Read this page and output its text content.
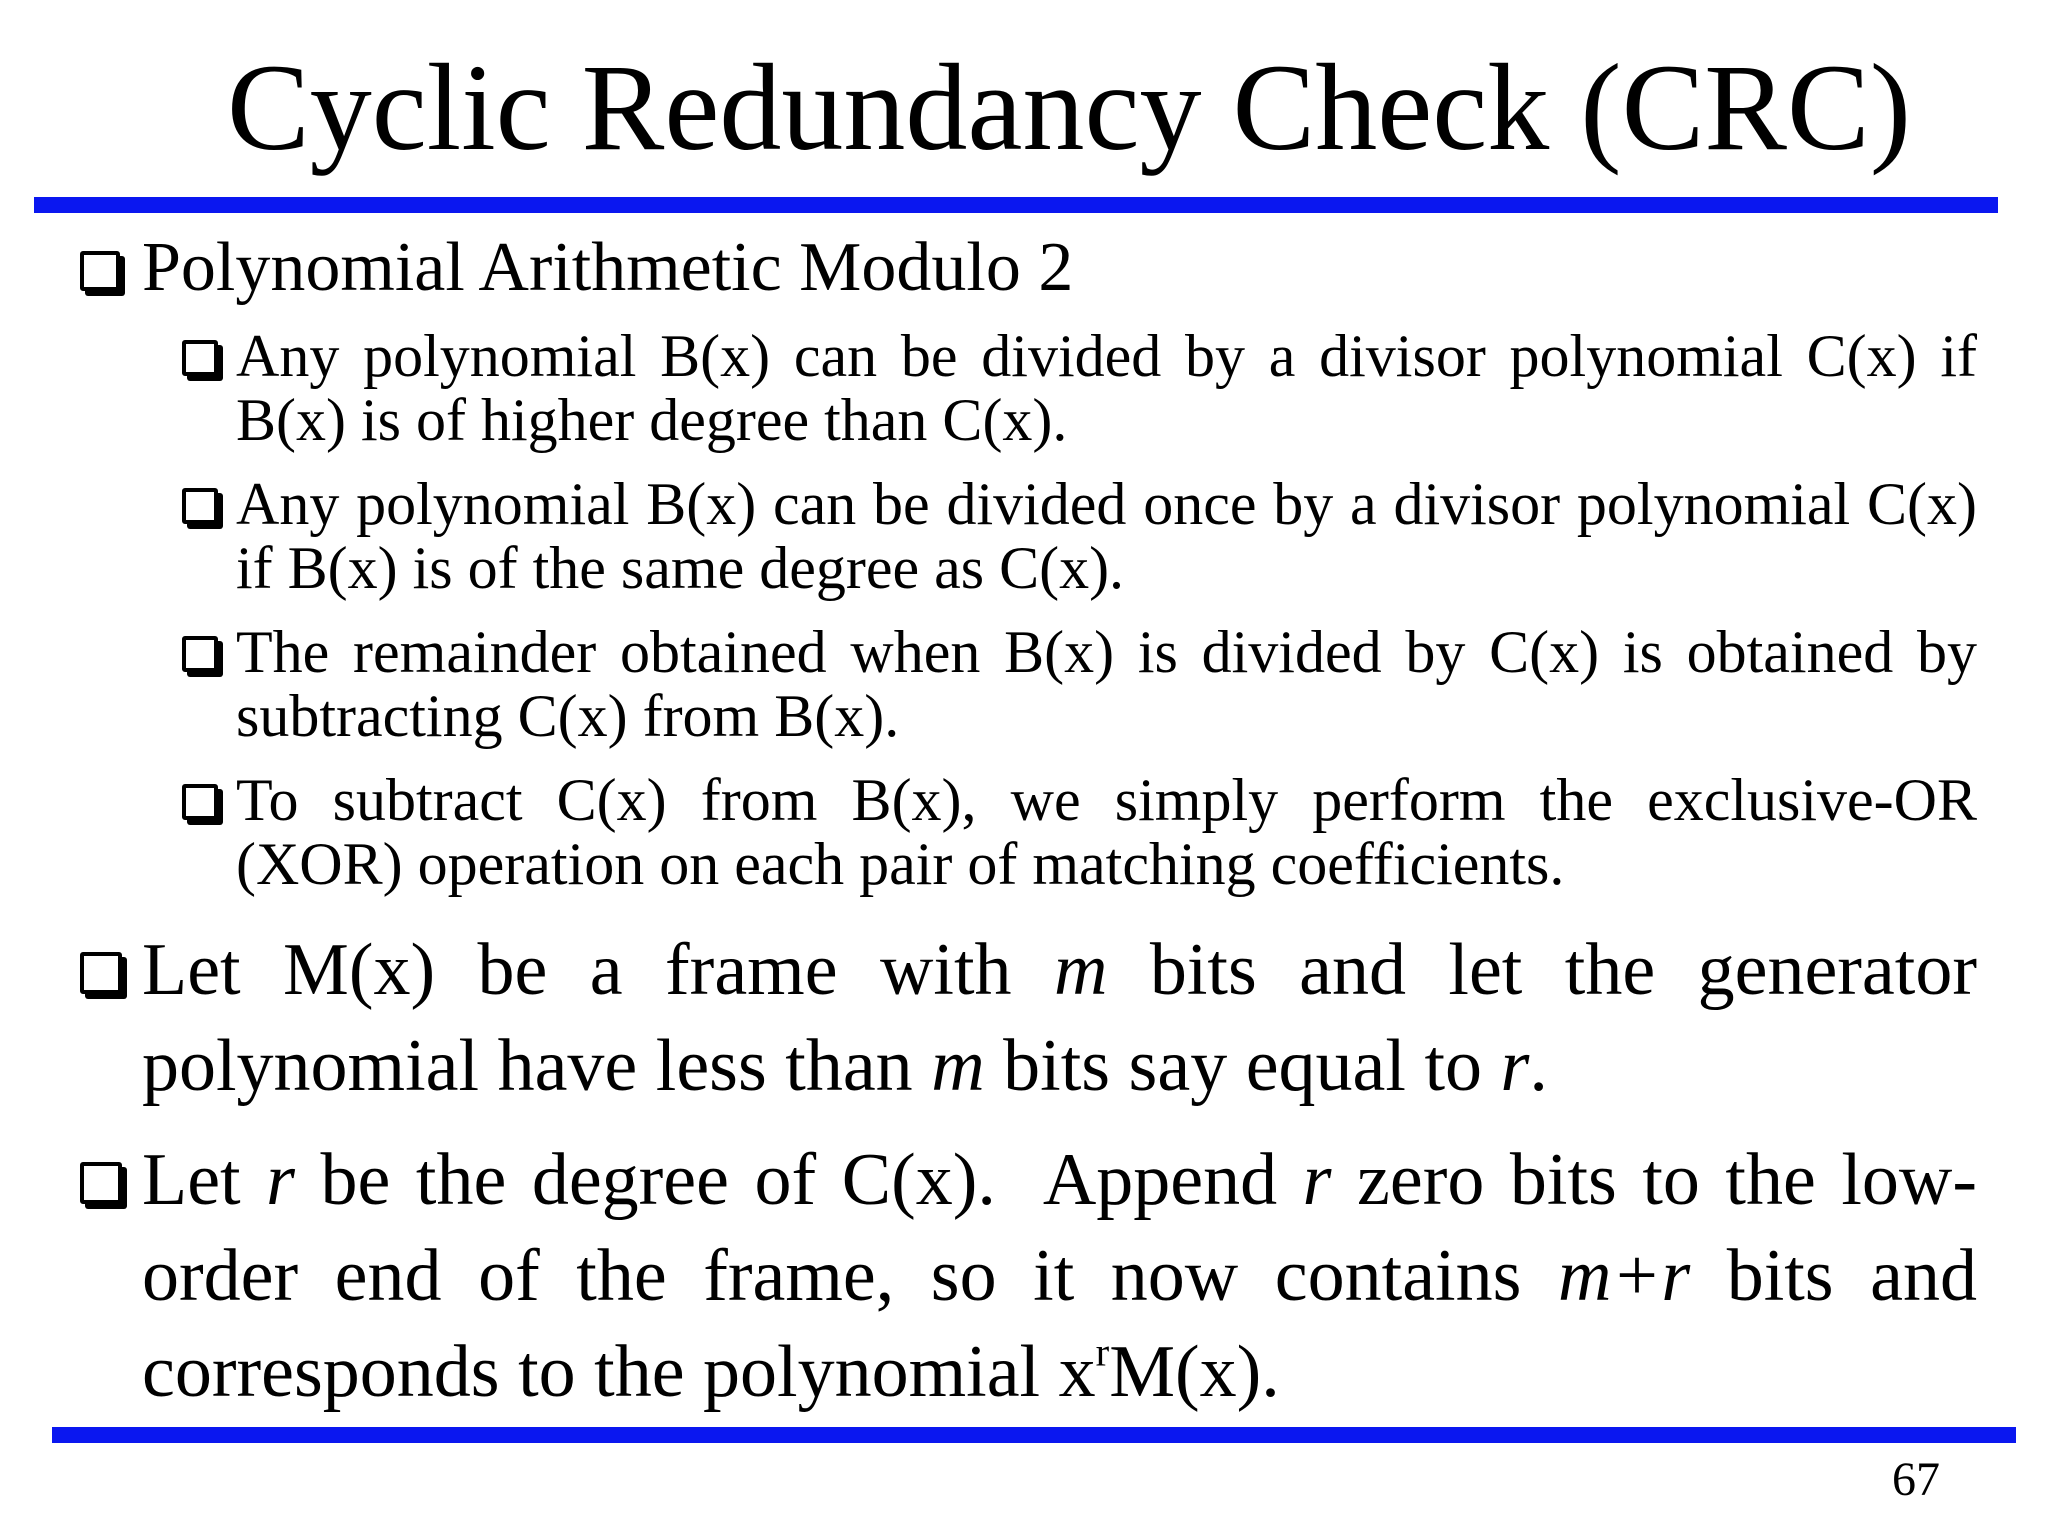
Cyclic Redundancy Check (CRC)
Polynomial Arithmetic Modulo 2
Any polynomial B(x) can be divided by a divisor polynomial C(x) if B(x) is of higher degree than C(x).
Any polynomial B(x) can be divided once by a divisor polynomial C(x) if B(x) is of the same degree as C(x).
The remainder obtained when B(x) is divided by C(x) is obtained by subtracting C(x) from B(x).
To subtract C(x) from B(x), we simply perform the exclusive-OR (XOR) operation on each pair of matching coefficients.
Let M(x) be a frame with m bits and let the generator polynomial have less than m bits say equal to r.
Let r be the degree of C(x).  Append r zero bits to the low-order end of the frame, so it now contains m+r bits and corresponds to the polynomial $x^rM(x)$.
67
